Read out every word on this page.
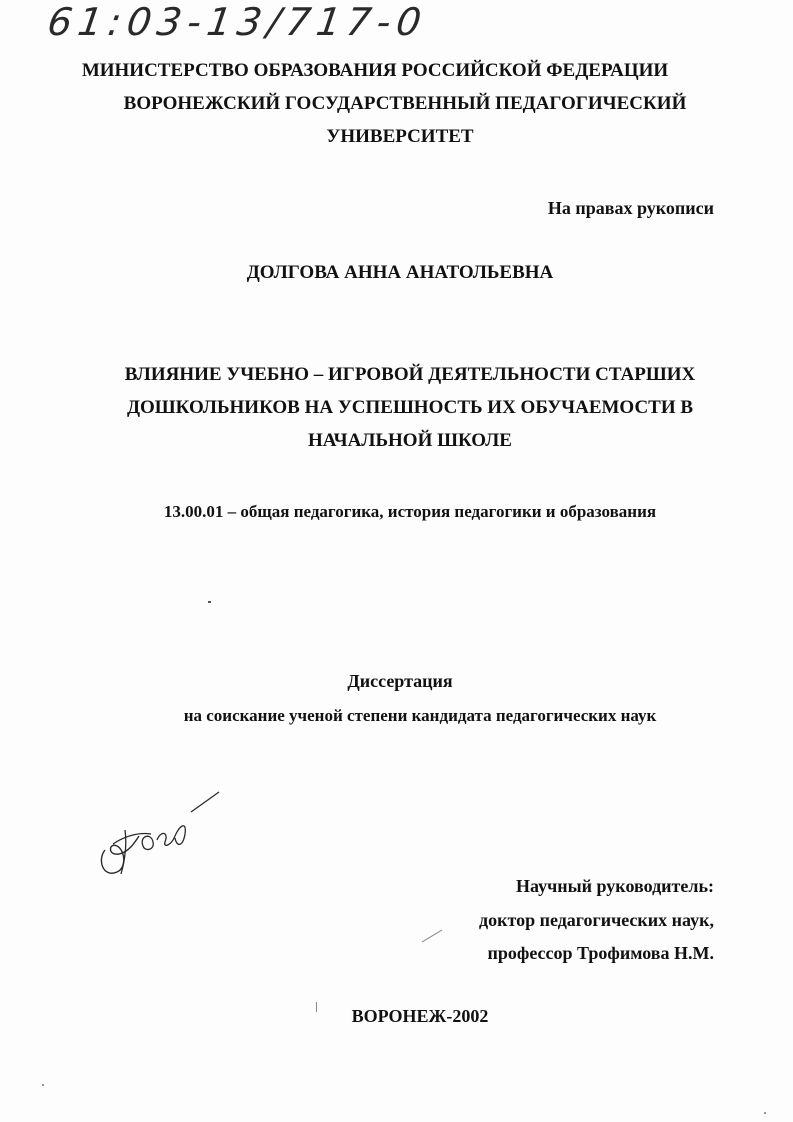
61:03-13/717-0
МИНИСТЕРСТВО ОБРАЗОВАНИЯ РОССИЙСКОЙ ФЕДЕРАЦИИ
ВОРОНЕЖСКИЙ ГОСУДАРСТВЕННЫЙ ПЕДАГОГИЧЕСКИЙ
УНИВЕРСИТЕТ
На правах рукописи
ДОЛГОВА АННА АНАТОЛЬЕВНА
ВЛИЯНИЕ УЧЕБНО – ИГРОВОЙ ДЕЯТЕЛЬНОСТИ СТАРШИХ
ДОШКОЛЬНИКОВ НА УСПЕШНОСТЬ ИХ ОБУЧАЕМОСТИ В
НАЧАЛЬНОЙ ШКОЛЕ
13.00.01 – общая педагогика, история педагогики и образования
Диссертация
на соискание ученой степени кандидата педагогических наук
Научный руководитель:
доктор педагогических наук,
профессор Трофимова Н.М.
ВОРОНЕЖ-2002
